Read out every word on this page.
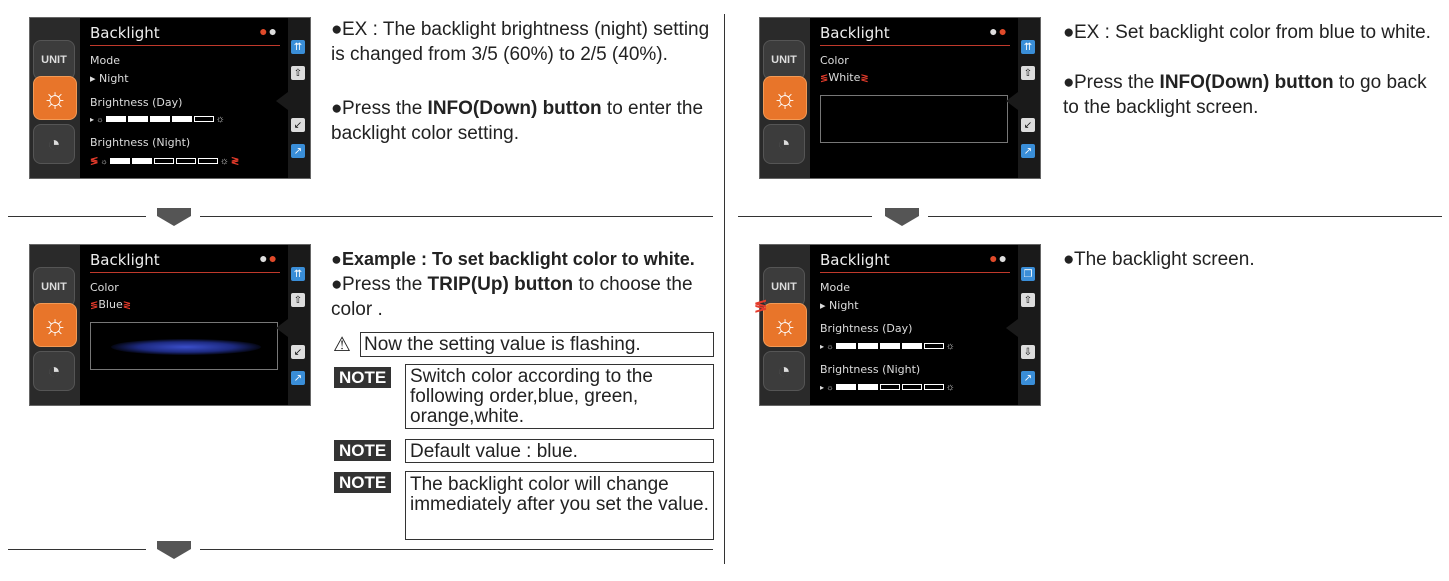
UNIT
☼
◔
Backlight	●●
Mode
▸ Night
Brightness (Day)
▸ ☼	☼
Brightness (Night)
≶ ☼	☼ ≷
⇈
⇧
↙
↗
●EX : The backlight brightness (night) setting is changed from 3/5 (60%) to 2/5 (40%).
●Press the INFO(Down) button to enter the backlight color setting.
UNIT
☼
◔
Backlight	●●
Color
≶Blue≷
⇈
⇧
↙
↗
●Example : To set backlight color to white.
●Press the TRIP(Up) button to choose the color .
⚠ Now the setting value is flashing.
NOTE Switch color according to the following order,blue, green, orange,white.
NOTE Default value : blue.
NOTE The backlight color will change immediately after you set the value.
UNIT
☼
◔
Backlight	●●
Color
≶White≷
⇈
⇧
↙
↗
●EX : Set backlight color from blue to white.
●Press the INFO(Down) button to go back to the backlight screen.
UNIT
☼
◔
Backlight	●●
Mode
▸ Night
Brightness (Day)
▸ ☼	☼
Brightness (Night)
▸ ☼	☼
❐
⇧
⇩
↗
≶
●The backlight screen.
